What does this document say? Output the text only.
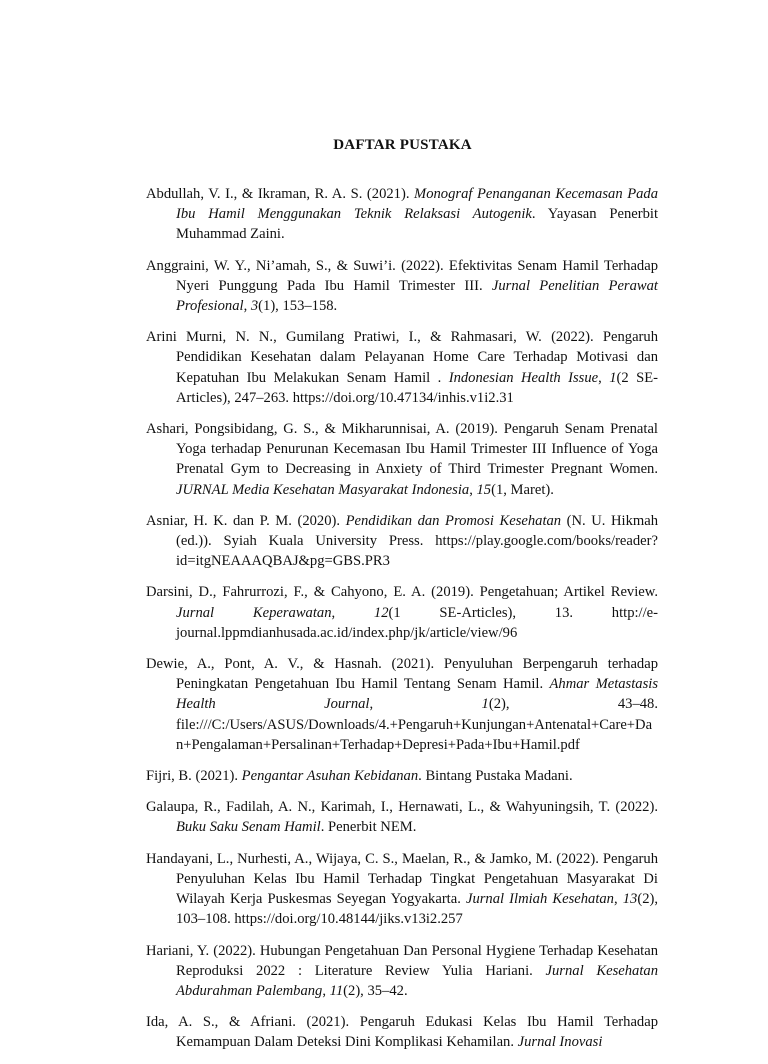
DAFTAR PUSTAKA
Abdullah, V. I., & Ikraman, R. A. S. (2021). Monograf Penanganan Kecemasan Pada Ibu Hamil Menggunakan Teknik Relaksasi Autogenik. Yayasan Penerbit Muhammad Zaini.
Anggraini, W. Y., Ni’amah, S., & Suwi’i. (2022). Efektivitas Senam Hamil Terhadap Nyeri Punggung Pada Ibu Hamil Trimester III. Jurnal Penelitian Perawat Profesional, 3(1), 153–158.
Arini Murni, N. N., Gumilang Pratiwi, I., & Rahmasari, W. (2022). Pengaruh Pendidikan Kesehatan dalam Pelayanan Home Care Terhadap Motivasi dan Kepatuhan Ibu Melakukan Senam Hamil . Indonesian Health Issue, 1(2 SE-Articles), 247–263. https://doi.org/10.47134/inhis.v1i2.31
Ashari, Pongsibidang, G. S., & Mikharunnisai, A. (2019). Pengaruh Senam Prenatal Yoga terhadap Penurunan Kecemasan Ibu Hamil Trimester III Influence of Yoga Prenatal Gym to Decreasing in Anxiety of Third Trimester Pregnant Women. JURNAL Media Kesehatan Masyarakat Indonesia, 15(1, Maret).
Asniar, H. K. dan P. M. (2020). Pendidikan dan Promosi Kesehatan (N. U. Hikmah (ed.)). Syiah Kuala University Press. https://play.google.com/books/reader?id=itgNEAAAQBAJ&pg=GBS.PR3
Darsini, D., Fahrurrozi, F., & Cahyono, E. A. (2019). Pengetahuan; Artikel Review. Jurnal Keperawatan, 12(1 SE-Articles), 13. http://e-journal.lppmdianhusada.ac.id/index.php/jk/article/view/96
Dewie, A., Pont, A. V., & Hasnah. (2021). Penyuluhan Berpengaruh terhadap Peningkatan Pengetahuan Ibu Hamil Tentang Senam Hamil. Ahmar Metastasis Health Journal, 1(2), 43–48. file:///C:/Users/ASUS/Downloads/4.+Pengaruh+Kunjungan+Antenatal+Care+Dan+Pengalaman+Persalinan+Terhadap+Depresi+Pada+Ibu+Hamil.pdf
Fijri, B. (2021). Pengantar Asuhan Kebidanan. Bintang Pustaka Madani.
Galaupa, R., Fadilah, A. N., Karimah, I., Hernawati, L., & Wahyuningsih, T. (2022). Buku Saku Senam Hamil. Penerbit NEM.
Handayani, L., Nurhesti, A., Wijaya, C. S., Maelan, R., & Jamko, M. (2022). Pengaruh Penyuluhan Kelas Ibu Hamil Terhadap Tingkat Pengetahuan Masyarakat Di Wilayah Kerja Puskesmas Seyegan Yogyakarta. Jurnal Ilmiah Kesehatan, 13(2), 103–108. https://doi.org/10.48144/jiks.v13i2.257
Hariani, Y. (2022). Hubungan Pengetahuan Dan Personal Hygiene Terhadap Kesehatan Reproduksi 2022 : Literature Review Yulia Hariani. Jurnal Kesehatan Abdurahman Palembang, 11(2), 35–42.
Ida, A. S., & Afriani. (2021). Pengaruh Edukasi Kelas Ibu Hamil Terhadap Kemampuan Dalam Deteksi Dini Komplikasi Kehamilan. Jurnal Inovasi
